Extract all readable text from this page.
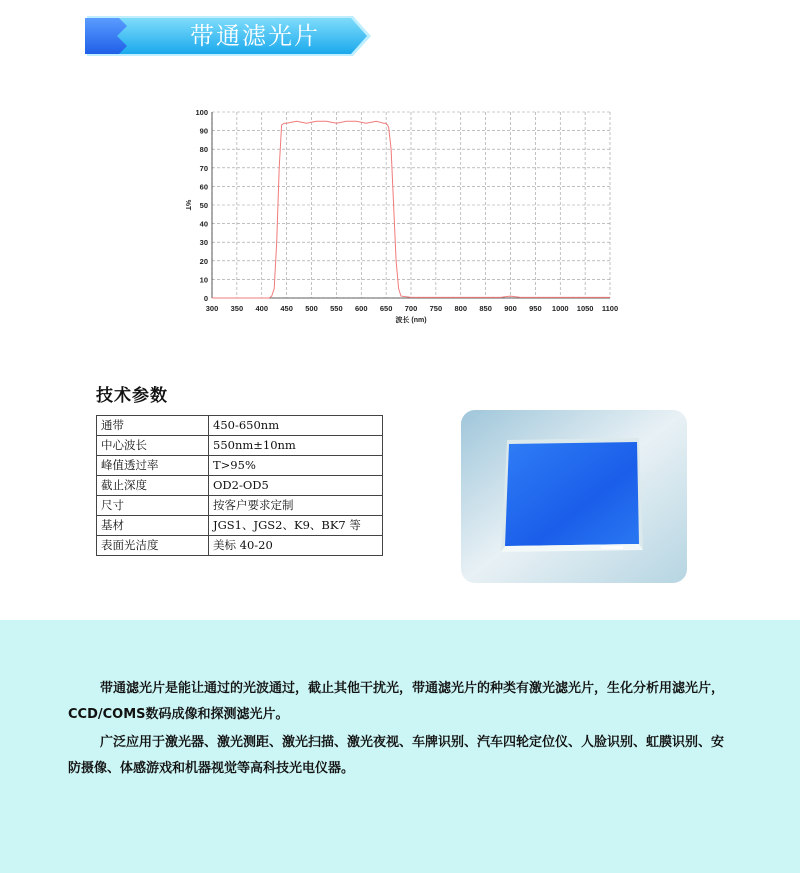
带通滤光片
300 350 400 450 500 550 600 650 700 750 800 850 900 950 1000 1050 1100
0
10
20
30
40
50
60
70
80
90
100
波长 (nm)
%T
技术参数
通带	450-650nm
中心波长	550nm±10nm
峰值透过率	T>95%
截止深度	OD2-OD5
尺寸	按客户要求定制
基材	JGS1、JGS2、K9、BK7 等
表面光洁度	美标 40-20
带通滤光片是能让通过的光波通过，截止其他干扰光，带通滤光片的种类有激光滤光片，生化分析用滤光片，CCD/COMS数码成像和探测滤光片。
广泛应用于激光器、激光测距、激光扫描、激光夜视、车牌识别、汽车四轮定位仪、人脸识别、虹膜识别、安防摄像、体感游戏和机器视觉等高科技光电仪器。
